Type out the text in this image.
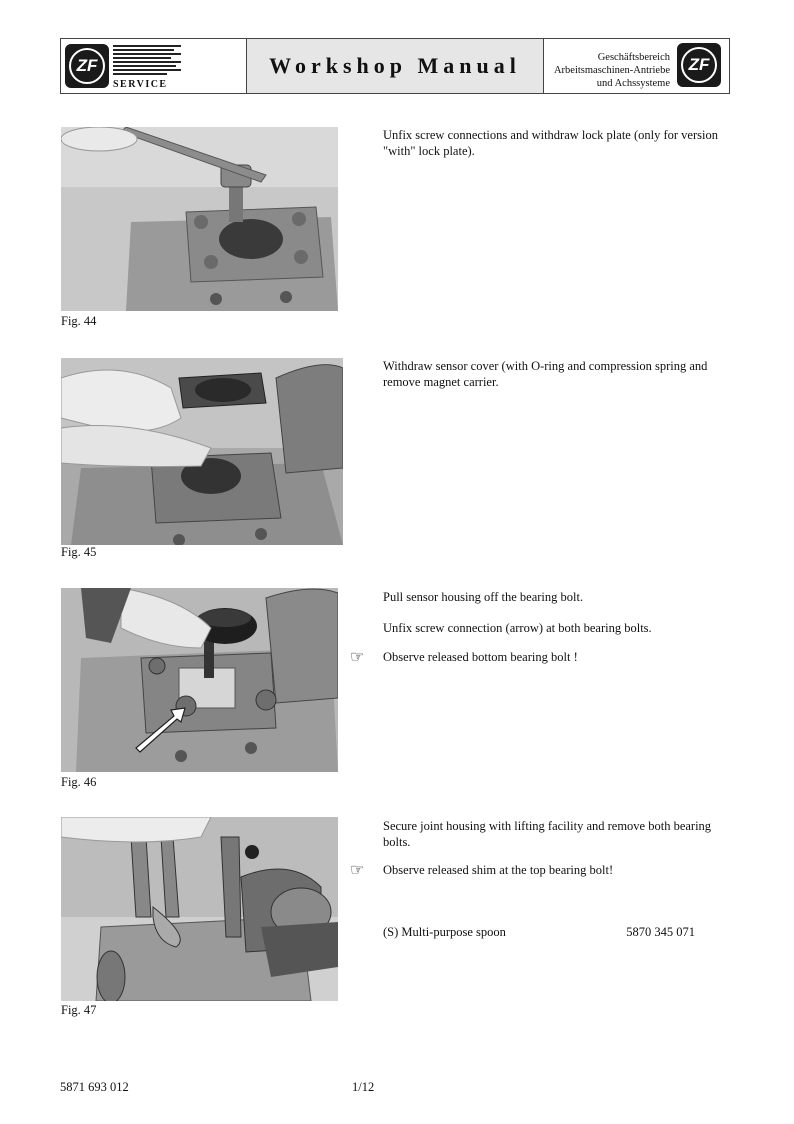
ZF
SERVICE
Workshop Manual	Geschäftsbereich
Arbeitsmaschinen-Antriebe
und Achssysteme
ZF
Fig. 44

Unfix screw connections and withdraw lock plate (only for version "with" lock plate).

Fig. 45

Withdraw sensor cover (with O-ring and compression spring and remove magnet carrier.

Fig. 46

Pull sensor housing off the bearing bolt.

Unfix screw connection (arrow) at both bearing bolts.

☞	Observe released bottom bearing bolt !
Fig. 47

Secure joint housing with lifting facility and remove both bearing bolts.

☞	Observe released shim at the top bearing bolt!
(S) Multi-purpose spoon	5870 345 071
5871 693 012	1/12
